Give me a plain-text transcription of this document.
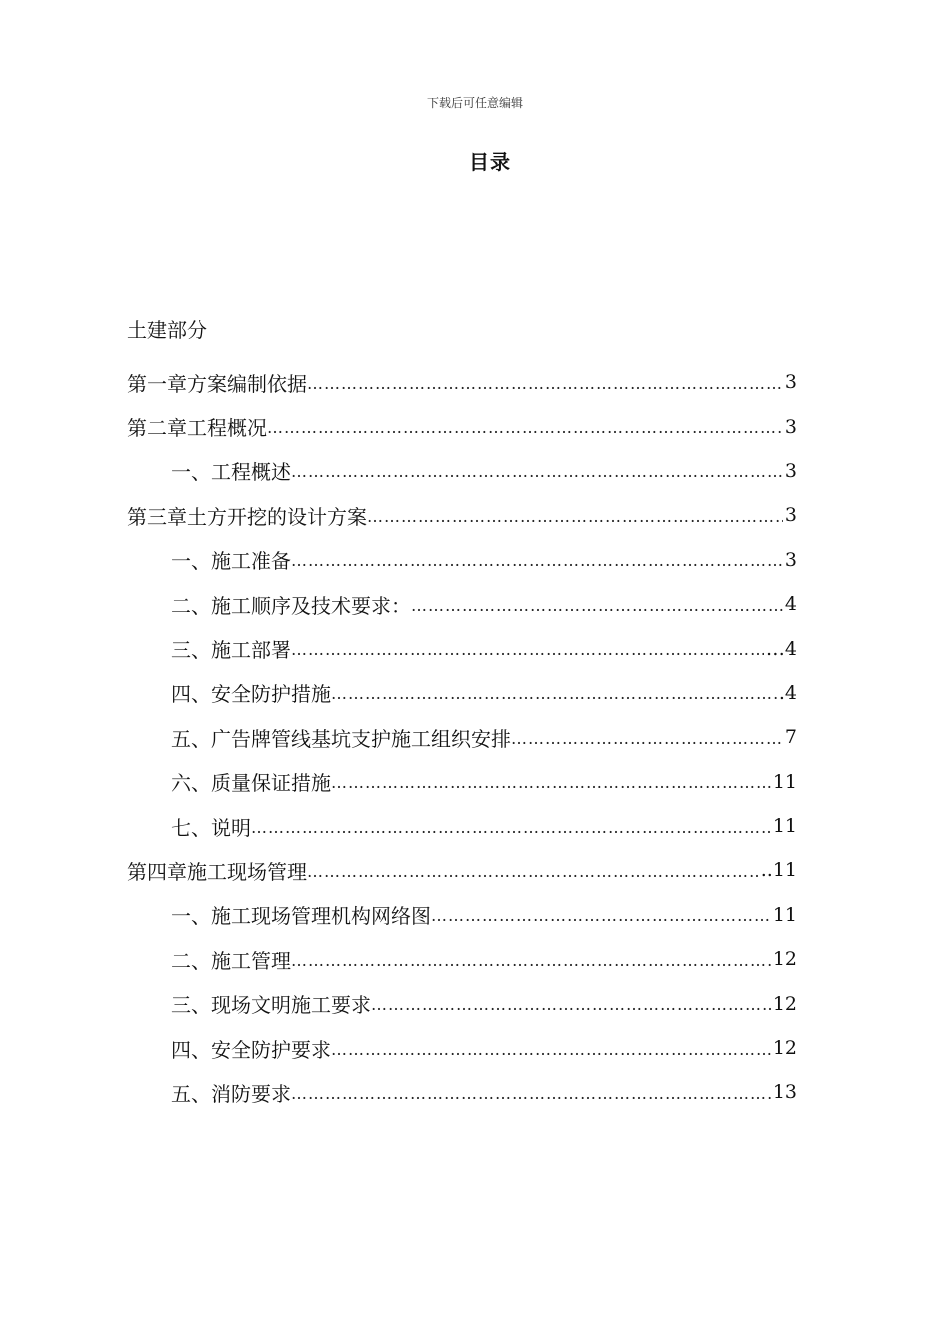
下载后可任意编辑
目录
土建部分
第一章 方案编制依据 ……………………………………………………………………………………………………………………………………	3
第二章 工程概况 ……………………………………………………………………………………………………………………………………	3
一、工程概述 ……………………………………………………………………………………………………………………………………	3
第三章 土方开挖的设计方案 ……………………………………………………………………………………………………………………………………	3
一、施工准备 ……………………………………………………………………………………………………………………………………	3
二、施工顺序及技术要求： ……………………………………………………………………………………………………………………………………	4
三、施工部署 ……………………………………………………………………………………………………………………………………	…4
四、安全防护措施 ……………………………………………………………………………………………………………………………………	.4
五、广告牌管线基坑支护施工组织安排 ……………………………………………………………………………………………………………………………………	7
六、质量保证措施 ……………………………………………………………………………………………………………………………………	11
七、说明 ……………………………………………………………………………………………………………………………………	11
第四章 施工现场管理 ……………………………………………………………………………………………………………………………………	..11
一、施工现场管理机构网络图 ……………………………………………………………………………………………………………………………………	11
二、施工管理 ……………………………………………………………………………………………………………………………………	12
三、现场文明施工要求 ……………………………………………………………………………………………………………………………………	12
四、安全防护要求 ……………………………………………………………………………………………………………………………………	12
五、消防要求 ……………………………………………………………………………………………………………………………………	13
